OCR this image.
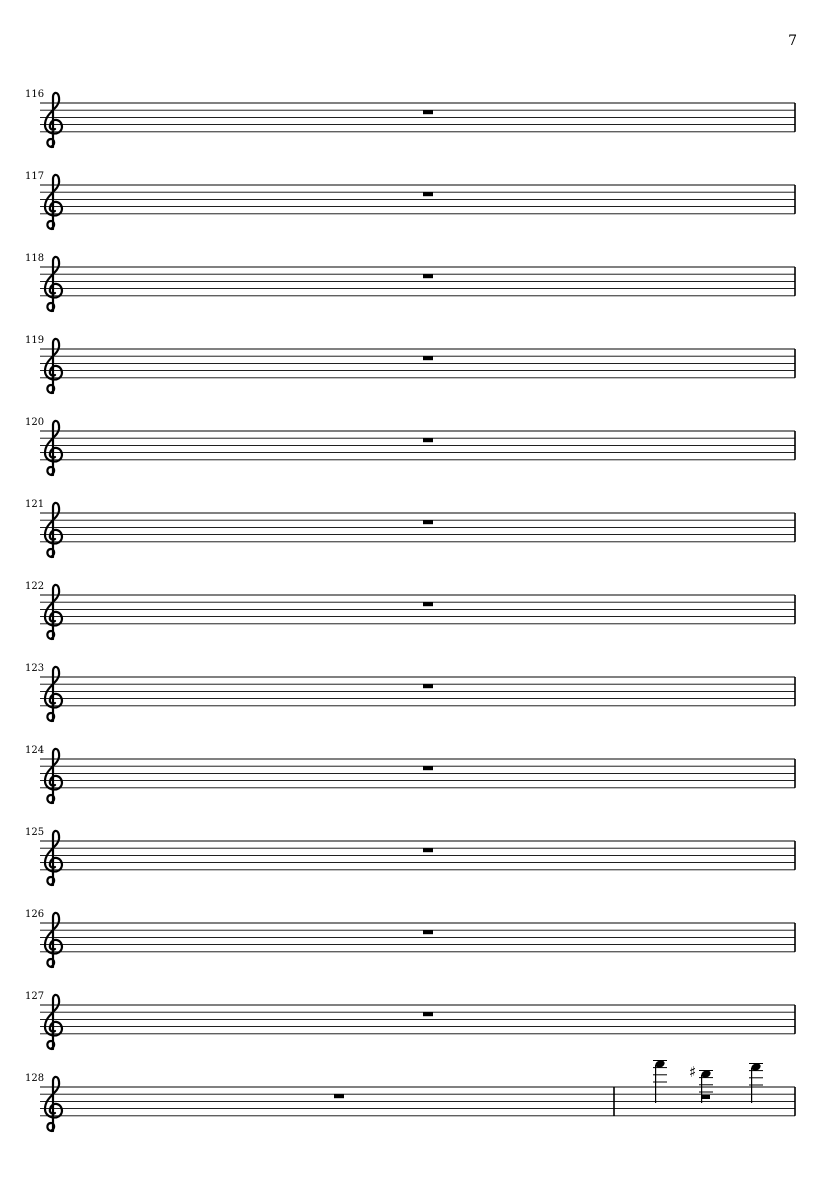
7
116
117
118
119
120
121
122
123
124
125
126
127
128	♯
